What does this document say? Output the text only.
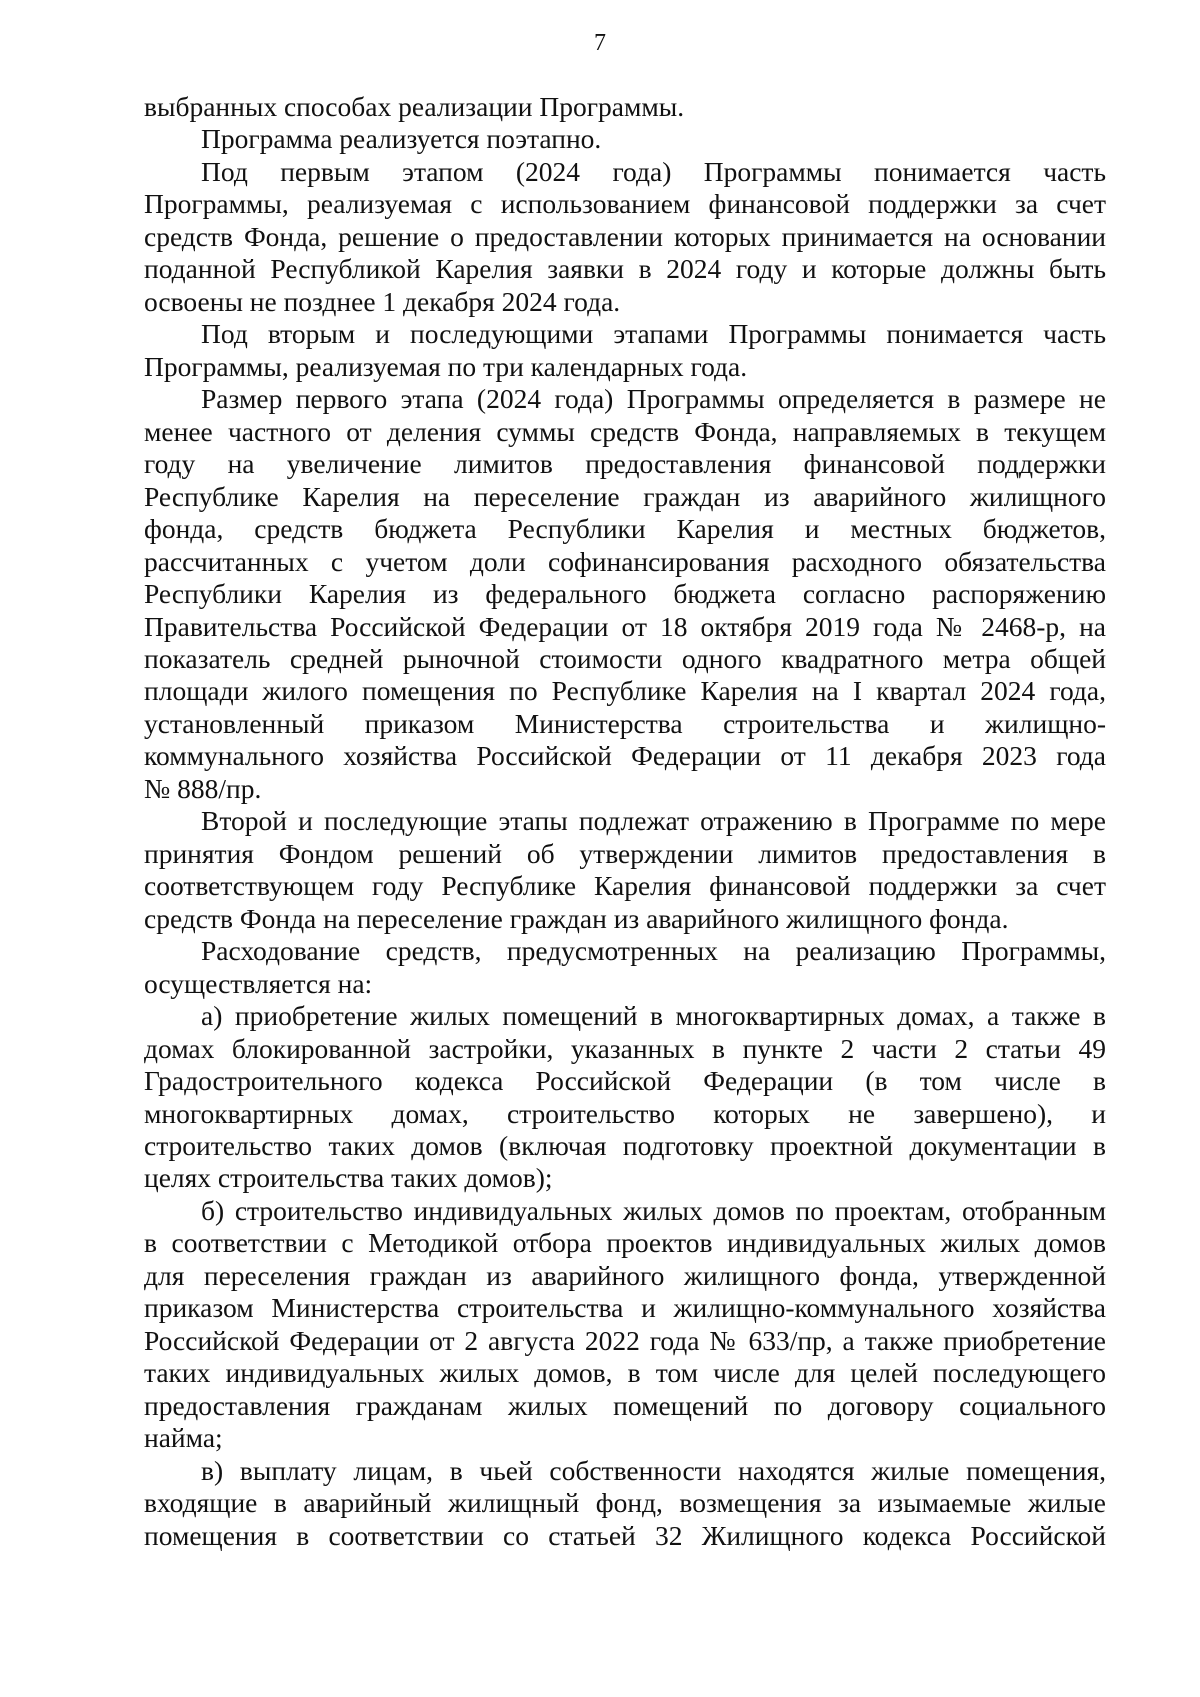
7
выбранных способах реализации Программы.
Программа реализуется поэтапно.
Под первым этапом (2024 года) Программы понимается часть
Программы, реализуемая с использованием финансовой поддержки за счет
средств Фонда, решение о предоставлении которых принимается на основании
поданной Республикой Карелия заявки в 2024 году и которые должны быть
освоены не позднее 1 декабря 2024 года.
Под вторым и последующими этапами Программы понимается часть
Программы, реализуемая по три календарных года.
Размер первого этапа (2024 года) Программы определяется в размере не
менее частного от деления суммы средств Фонда, направляемых в текущем
году на увеличение лимитов предоставления финансовой поддержки
Республике Карелия на переселение граждан из аварийного жилищного
фонда, средств бюджета Республики Карелия и местных бюджетов,
рассчитанных с учетом доли софинансирования расходного обязательства
Республики Карелия из федерального бюджета согласно распоряжению
Правительства Российской Федерации от 18 октября 2019 года № 2468-р, на
показатель средней рыночной стоимости одного квадратного метра общей
площади жилого помещения по Республике Карелия на I квартал 2024 года,
установленный приказом Министерства строительства и жилищно-
коммунального хозяйства Российской Федерации от 11 декабря 2023 года
№ 888/пр.
Второй и последующие этапы подлежат отражению в Программе по мере
принятия Фондом решений об утверждении лимитов предоставления в
соответствующем году Республике Карелия финансовой поддержки за счет
средств Фонда на переселение граждан из аварийного жилищного фонда.
Расходование средств, предусмотренных на реализацию Программы,
осуществляется на:
а) приобретение жилых помещений в многоквартирных домах, а также в
домах блокированной застройки, указанных в пункте 2 части 2 статьи 49
Градостроительного кодекса Российской Федерации (в том числе в
многоквартирных домах, строительство которых не завершено), и
строительство таких домов (включая подготовку проектной документации в
целях строительства таких домов);
б) строительство индивидуальных жилых домов по проектам, отобранным
в соответствии с Методикой отбора проектов индивидуальных жилых домов
для переселения граждан из аварийного жилищного фонда, утвержденной
приказом Министерства строительства и жилищно-коммунального хозяйства
Российской Федерации от 2 августа 2022 года № 633/пр, а также приобретение
таких индивидуальных жилых домов, в том числе для целей последующего
предоставления гражданам жилых помещений по договору социального
найма;
в) выплату лицам, в чьей собственности находятся жилые помещения,
входящие в аварийный жилищный фонд, возмещения за изымаемые жилые
помещения в соответствии со статьей 32 Жилищного кодекса Российской
